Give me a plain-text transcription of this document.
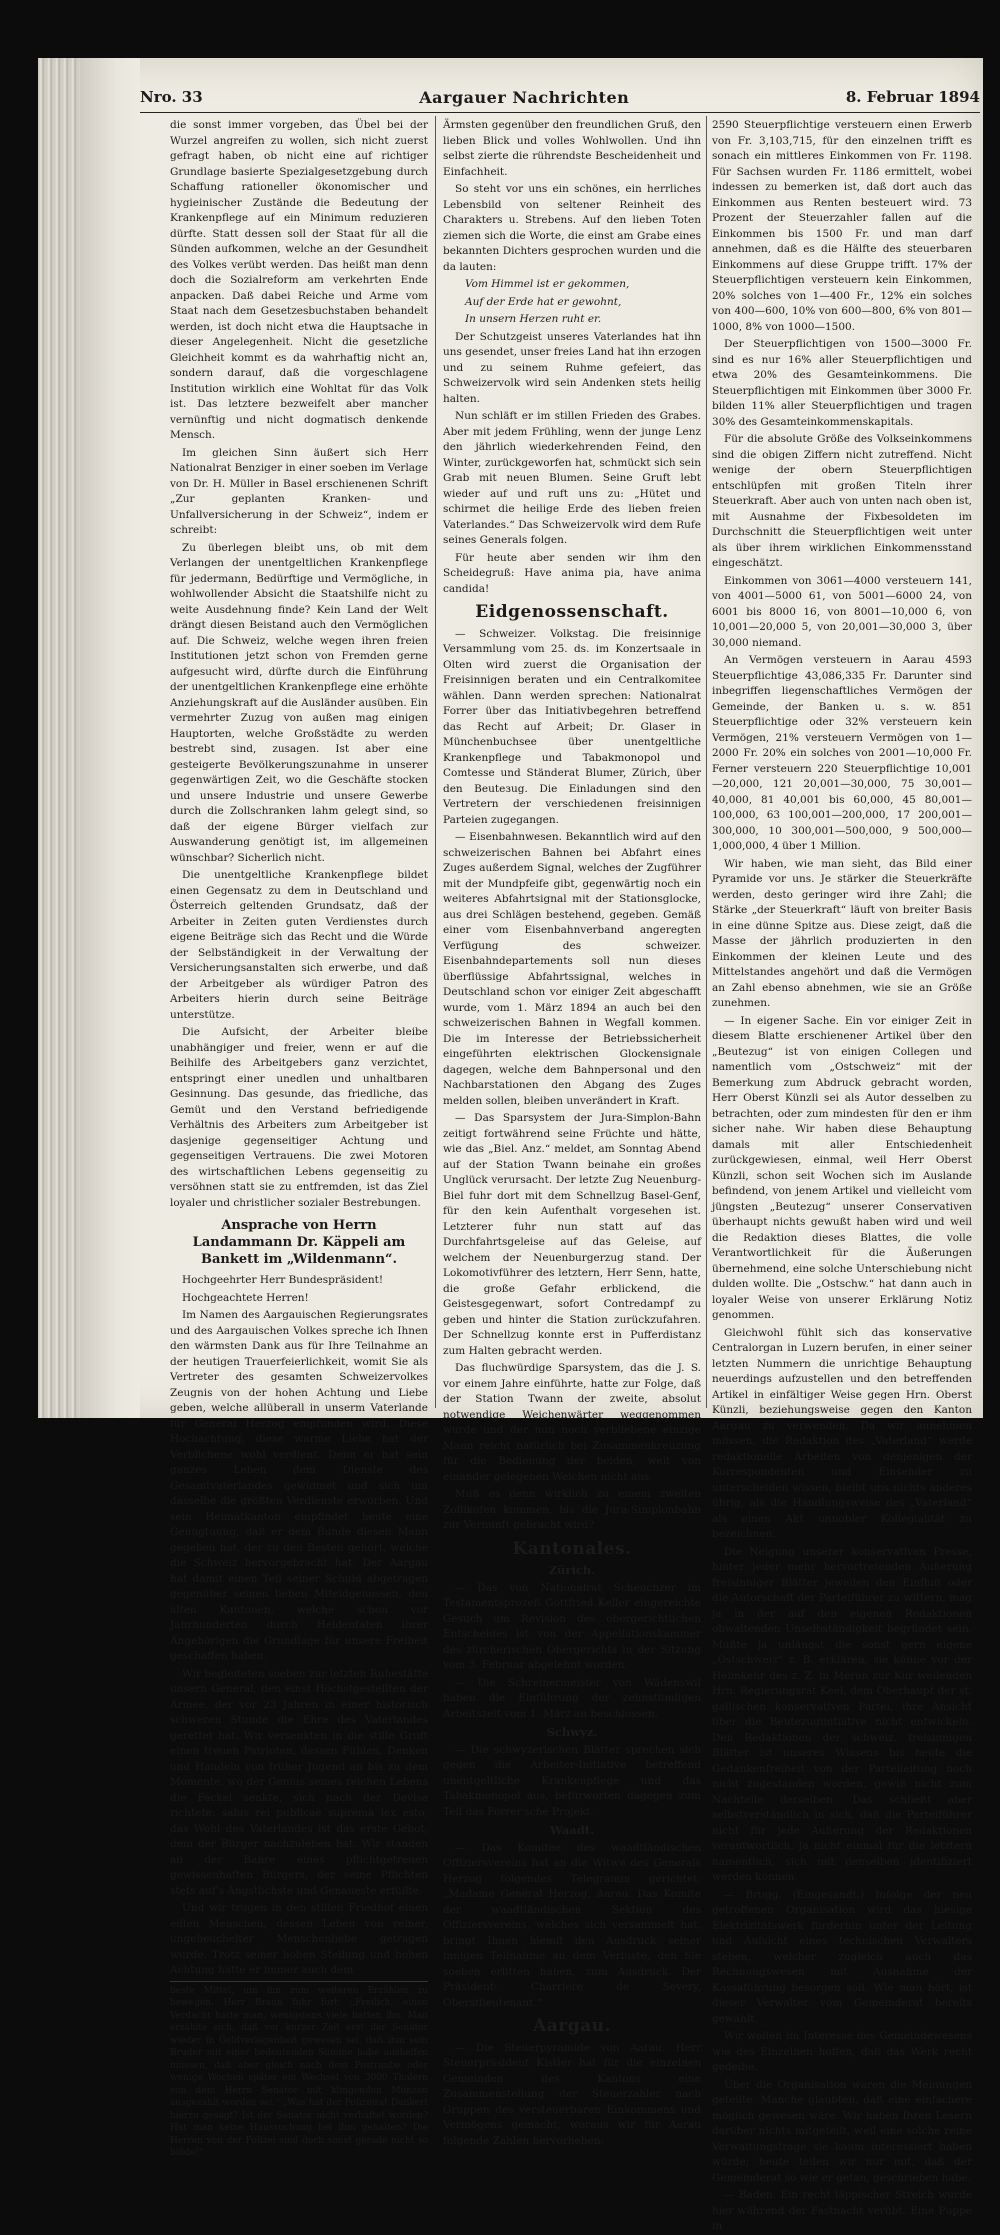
Nro. 33	Aargauer Nachrichten	8. Februar 1894

die sonst immer vorgeben, das Übel bei der Wurzel angreifen zu wollen, sich nicht zuerst gefragt haben, ob nicht eine auf richtiger Grundlage basierte Spezialgesetzgebung durch Schaffung rationeller ökonomischer und hygieinischer Zustände die Bedeutung der Krankenpflege auf ein Minimum reduzieren dürfte. Statt dessen soll der Staat für all die Sünden aufkommen, welche an der Gesundheit des Volkes verübt werden. Das heißt man denn doch die Sozialreform am verkehrten Ende anpacken. Daß dabei Reiche und Arme vom Staat nach dem Gesetzesbuchstaben behandelt werden, ist doch nicht etwa die Hauptsache in dieser Angelegenheit. Nicht die gesetzliche Gleichheit kommt es da wahrhaftig nicht an, sondern darauf, daß die vorgeschlagene Institution wirklich eine Wohltat für das Volk ist. Das letztere bezweifelt aber mancher vernünftig und nicht dogmatisch denkende Mensch.

Im gleichen Sinn äußert sich Herr Nationalrat Benziger in einer soeben im Verlage von Dr. H. Müller in Basel erschienenen Schrift „Zur geplanten Kranken- und Unfallversicherung in der Schweiz“, indem er schreibt:

Zu überlegen bleibt uns, ob mit dem Verlangen der unentgeltlichen Krankenpflege für jedermann, Bedürftige und Vermögliche, in wohlwollender Absicht die Staatshilfe nicht zu weite Ausdehnung finde? Kein Land der Welt drängt diesen Beistand auch den Vermöglichen auf. Die Schweiz, welche wegen ihren freien Institutionen jetzt schon von Fremden gerne aufgesucht wird, dürfte durch die Einführung der unentgeltlichen Krankenpflege eine erhöhte Anziehungskraft auf die Ausländer ausüben. Ein vermehrter Zuzug von außen mag einigen Hauptorten, welche Großstädte zu werden bestrebt sind, zusagen. Ist aber eine gesteigerte Bevölkerungszunahme in unserer gegenwärtigen Zeit, wo die Geschäfte stocken und unsere Industrie und unsere Gewerbe durch die Zollschranken lahm gelegt sind, so daß der eigene Bürger vielfach zur Auswanderung genötigt ist, im allgemeinen wünschbar? Sicherlich nicht.

Die unentgeltliche Krankenpflege bildet einen Gegensatz zu dem in Deutschland und Österreich geltenden Grundsatz, daß der Arbeiter in Zeiten guten Verdienstes durch eigene Beiträge sich das Recht und die Würde der Selbständigkeit in der Verwaltung der Versicherungsanstalten sich erwerbe, und daß der Arbeitgeber als würdiger Patron des Arbeiters hierin durch seine Beiträge unterstütze.

Die Aufsicht, der Arbeiter bleibe unabhängiger und freier, wenn er auf die Beihilfe des Arbeitgebers ganz verzichtet, entspringt einer unedlen und unhaltbaren Gesinnung. Das gesunde, das friedliche, das Gemüt und den Verstand befriedigende Verhältnis des Arbeiters zum Arbeitgeber ist dasjenige gegenseitiger Achtung und gegenseitigen Vertrauens. Die zwei Motoren des wirtschaftlichen Lebens gegenseitig zu versöhnen statt sie zu entfremden, ist das Ziel loyaler und christlicher sozialer Bestrebungen.

Ansprache von Herrn Landammann Dr. Käppeli am Bankett im „Wildenmann“.

Hochgeehrter Herr Bundespräsident!

Hochgeachtete Herren!

Im Namen des Aargauischen Regierungsrates und des Aargauischen Volkes spreche ich Ihnen den wärmsten Dank aus für Ihre Teilnahme an der heutigen Trauerfeierlichkeit, womit Sie als Vertreter des gesamten Schweizervolkes Zeugnis von der hohen Achtung und Liebe geben, welche allüberall in unserm Vaterlande für General Herzog empfunden wird. Diese Hochachtung, diese warme Liebe hat der Verblichene wohl verdient. Denn er hat sein ganzes Leben dem Dienste des Gesamtvaterlandes gewidmet und sich um dasselbe die größten Verdienste erworben. Und sein Heimatkanton empfindet heute eine Genugtuung, daß er dem Bunde diesen Mann gegeben hat, der zu den Besten gehört, welche die Schweiz hervorgebracht hat. Der Aargau hat damit einen Teil seiner Schuld abgetragen gegenüber seinen lieben Miteidgenossen, den alten Kantonen, welche schon vor Jahrhunderten durch Heldentaten ihrer Angehörigen die Grundlage für unsere Freiheit geschaffen haben.

Wir begleiteten soeben zur letzten Ruhestätte unsern General, den einst Höchstgestellten der Armee, der vor 23 Jahren in einer historisch schweren Stunde die Ehre des Vaterlandes gerettet hat. Wir versenkten in die stille Gruft einen treuen Patrioten, dessen Fühlen, Denken und Handeln von früher Jugend an bis zu dem Momente, wo der Genius seines reichen Lebens die Fackel senkte, sich nach der Devise richtete: salus rei publicae suprema lex esto, das Wohl des Vaterlandes ist das erste Gebot, dem der Bürger nachzuleben hat. Wir standen an der Bahre eines pflichtgetreuen gewissenhaften Bürgers, der seine Pflichten stets auf's Ängstlichste und Genaueste erfüllte.

Und wir trugen in den stillen Friedhof einen edlen Menschen, dessen Leben von reiner, ungeheuchelter Menschenliebe getragen wurde. Trotz seiner hohen Stellung und hohen Achtung hatte er immer auch dem

beste Mittel, um ihn zum weiteren Erzählen zu bewegen. Herr Braun fuhr fort: „Freilich, einen Verdacht hatte man, wenigstens viele hatten ihn. Man erzählte sich, daß vor kurzer Zeit erst der Senator wieder in Geldverlegenheit gewesen sei, daß ihm sein Bruder mit einer bedeutenden Summe habe aushelfen müssen, daß aber gleich nach dem Postraube oder wenige Wochen später ein Wechsel von 3000 Thalern von dem Herrn Senator mit klingenden Münzen ausgezahlt worden sei.“ „Was hat der Polizeirat Dankert hierzu gesagt? Ist der Senator nicht verhaftet worden? Hat man keine Haussuchung bei ihm gehalten? Die Herren von der Polizei sind doch sonst gerade nicht so blöde!“

Ärmsten gegenüber den freundlichen Gruß, den lieben Blick und volles Wohlwollen. Und ihn selbst zierte die rührendste Bescheidenheit und Einfachheit.

So steht vor uns ein schönes, ein herrliches Lebensbild von seltener Reinheit des Charakters u. Strebens. Auf den lieben Toten ziemen sich die Worte, die einst am Grabe eines bekannten Dichters gesprochen wurden und die da lauten:

Vom Himmel ist er gekommen,

Auf der Erde hat er gewohnt,

In unsern Herzen ruht er.

Der Schutzgeist unseres Vaterlandes hat ihn uns gesendet, unser freies Land hat ihn erzogen und zu seinem Ruhme gefeiert, das Schweizervolk wird sein Andenken stets heilig halten.

Nun schläft er im stillen Frieden des Grabes. Aber mit jedem Frühling, wenn der junge Lenz den jährlich wiederkehrenden Feind, den Winter, zurückgeworfen hat, schmückt sich sein Grab mit neuen Blumen. Seine Gruft lebt wieder auf und ruft uns zu: „Hütet und schirmet die heilige Erde des lieben freien Vaterlandes.“ Das Schweizervolk wird dem Rufe seines Generals folgen.

Für heute aber senden wir ihm den Scheidegruß: Have anima pia, have anima candida!

Eidgenossenschaft.

— Schweizer. Volkstag. Die freisinnige Versammlung vom 25. ds. im Konzertsaale in Olten wird zuerst die Organisation der Freisinnigen beraten und ein Centralkomitee wählen. Dann werden sprechen: Nationalrat Forrer über das Initiativbegehren betreffend das Recht auf Arbeit; Dr. Glaser in Münchenbuchsee über unentgeltliche Krankenpflege und Tabakmonopol und Comtesse und Ständerat Blumer, Zürich, über den Beuteзug. Die Einladungen sind den Vertretern der verschiedenen freisinnigen Parteien zugegangen.

— Eisenbahnwesen. Bekanntlich wird auf den schweizerischen Bahnen bei Abfahrt eines Zuges außerdem Signal, welches der Zugführer mit der Mundpfeife gibt, gegenwärtig noch ein weiteres Abfahrtsignal mit der Stationsglocke, aus drei Schlägen bestehend, gegeben. Gemäß einer vom Eisenbahnverband angeregten Verfügung des schweizer. Eisenbahndepartements soll nun dieses überflüssige Abfahrtssignal, welches in Deutschland schon vor einiger Zeit abgeschafft wurde, vom 1. März 1894 an auch bei den schweizerischen Bahnen in Wegfall kommen. Die im Interesse der Betriebssicherheit eingeführten elektrischen Glockensignale dagegen, welche dem Bahnpersonal und den Nachbarstationen den Abgang des Zuges melden sollen, bleiben unverändert in Kraft.

— Das Sparsystem der Jura-Simplon-Bahn zeitigt fortwährend seine Früchte und hätte, wie das „Biel. Anz.“ meldet, am Sonntag Abend auf der Station Twann beinahe ein großes Unglück verursacht. Der letzte Zug Neuenburg-Biel fuhr dort mit dem Schnellzug Basel-Genf, für den kein Aufenthalt vorgesehen ist. Letzterer fuhr nun statt auf das Durchfahrtsgeleise auf das Geleise, auf welchem der Neuenburgerzug stand. Der Lokomotivführer des letztern, Herr Senn, hatte, die große Gefahr erblickend, die Geistesgegenwart, sofort Contredampf zu geben und hinter die Station zurückzufahren. Der Schnellzug konnte erst in Pufferdistanz zum Halten gebracht werden.

Das fluchwürdige Sparsystem, das die J. S. vor einem Jahre einführte, hatte zur Folge, daß der Station Twann der zweite, absolut notwendige Weichenwärter weggenommen wurde und der nun noch verbliebene einzige Mann reicht natürlich bei Zusammenkreuzung für die Bedienung der beiden, weit von einander gelegenen Weichen nicht aus.

Muß es denn wirklich zu einem zweiten Zollikofen kommen, bis die Jura-Simplonbahn zur Vernunft gebracht wird?

Kantonales.
Zürich.

— Das von Nationalrat Scheuchzer im Testamentsprozeß Gottfried Keller eingereichte Gesuch um Revision des obergerichtlichen Entscheides ist von der Appellationskammer des zürcherischen Obergerichts in der Sitzung vom 3. Februar abgelehnt worden.

— Die Schreinermeister von Wädenswil haben die Einführung der zehnstündigen Arbeitszeit vom 1. März an beschlossen.

Schwyz.

— Die schwyzerischen Blätter sprechen sich gegen die Arbeiter-Initiative betreffend unentgeltliche Krankenpflege und das Tabakmonopol aus, befürworten dagegen zum Teil das Forrer'sche Projekt.

Waadt.

— Das Komitee des waadtländischen Offiziersvereins hat an die Witwe des Generals Herzog folgendes Telegramm gerichtet: „Madame General Herzog, Aarau. Das Komite der waadtländischen Sektion des Offiziersvereins, welches sich versammelt hat, bringt Ihnen hiemit den Ausdruck seiner innigen Teilnahme an dem Verluste, den Sie soeben erlitten haben, zum Ausdruck. Der Präsident: Charriere de Severy, Oberstlieutenant.“

Aargau.

— Die Steuerpyramide von Aarau. Herr Steuerpräsident Kistler hat für die einzelnen Gemeinden des Kantons eine Zusammenstellung der Steuerzahler nach Gruppen des versteuerbaren Einkommens und Vermögens gemacht, woraus wir für Aarau folgende Zahlen hervorheben:

2590 Steuerpflichtige versteuern einen Erwerb von Fr. 3,103,715, für den einzelnen trifft es sonach ein mittleres Einkommen von Fr. 1198. Für Sachsen wurden Fr. 1186 ermittelt, wobei indessen zu bemerken ist, daß dort auch das Einkommen aus Renten besteuert wird. 73 Prozent der Steuerzahler fallen auf die Einkommen bis 1500 Fr. und man darf annehmen, daß es die Hälfte des steuerbaren Einkommens auf diese Gruppe trifft. 17% der Steuerpflichtigen versteuern kein Einkommen, 20% solches von 1—400 Fr., 12% ein solches von 400—600, 10% von 600—800, 6% von 801—1000, 8% von 1000—1500.

Der Steuerpflichtigen von 1500—3000 Fr. sind es nur 16% aller Steuerpflichtigen und etwa 20% des Gesamteinkommens. Die Steuerpflichtigen mit Einkommen über 3000 Fr. bilden 11% aller Steuerpflichtigen und tragen 30% des Gesamteinkommenskapitals.

Für die absolute Größe des Volkseinkommens sind die obigen Ziffern nicht zutreffend. Nicht wenige der obern Steuerpflichtigen entschlüpfen mit großen Titeln ihrer Steuerkraft. Aber auch von unten nach oben ist, mit Ausnahme der Fixbesoldeten im Durchschnitt die Steuerpflichtigen weit unter als über ihrem wirklichen Einkommensstand eingeschätzt.

Einkommen von 3061—4000 versteuern 141, von 4001—5000 61, von 5001—6000 24, von 6001 bis 8000 16, von 8001—10,000 6, von 10,001—20,000 5, von 20,001—30,000 3, über 30,000 niemand.

An Vermögen versteuern in Aarau 4593 Steuerpflichtige 43,086,335 Fr. Darunter sind inbegriffen liegenschaftliches Vermögen der Gemeinde, der Banken u. s. w. 851 Steuerpflichtige oder 32% versteuern kein Vermögen, 21% versteuern Vermögen von 1—2000 Fr. 20% ein solches von 2001—10,000 Fr. Ferner versteuern 220 Steuerpflichtige 10,001—20,000, 121 20,001—30,000, 75 30,001—40,000, 81 40,001 bis 60,000, 45 80,001—100,000, 63 100,001—200,000, 17 200,001—300,000, 10 300,001—500,000, 9 500,000—1,000,000, 4 über 1 Million.

Wir haben, wie man sieht, das Bild einer Pyramide vor uns. Je stärker die Steuerkräfte werden, desto geringer wird ihre Zahl; die Stärke „der Steuerkraft“ läuft von breiter Basis in eine dünne Spitze aus. Diese zeigt, daß die Masse der jährlich produzierten in den Einkommen der kleinen Leute und des Mittelstandes angehört und daß die Vermögen an Zahl ebenso abnehmen, wie sie an Größe zunehmen.

— In eigener Sache. Ein vor einiger Zeit in diesem Blatte erschienener Artikel über den „Beutezug“ ist von einigen Collegen und namentlich vom „Ostschweiz“ mit der Bemerkung zum Abdruck gebracht worden, Herr Oberst Künzli sei als Autor desselben zu betrachten, oder zum mindesten für den er ihm sicher nahe. Wir haben diese Behauptung damals mit aller Entschiedenheit zurückgewiesen, einmal, weil Herr Oberst Künzli, schon seit Wochen sich im Auslande befindend, von jenem Artikel und vielleicht vom jüngsten „Beutezug“ unserer Conservativen überhaupt nichts gewußt haben wird und weil die Redaktion dieses Blattes, die volle Verantwortlichkeit für die Äußerungen übernehmend, eine solche Unterschiebung nicht dulden wollte. Die „Ostschw.“ hat dann auch in loyaler Weise von unserer Erklärung Notiz genommen.

Gleichwohl fühlt sich das konservative Centralorgan in Luzern berufen, in einer seiner letzten Nummern die unrichtige Behauptung neuerdings aufzustellen und den betreffenden Artikel in einfältiger Weise gegen Hrn. Oberst Künzli, beziehungsweise gegen den Kanton Aargau zu verwenden. Da wir annehmen müssen, die Redaktion des „Vaterland“ werde redaktionelle Arbeiten von denjenigen der Korrespondenten und Einsender zu unterscheiden wissen, bleibt uns nichts anderes übrig, als die Handlungsweise des „Vaterland“ als einen Akt unnobler Kollegialität zu bezeichnen.

Die Neigung unserer konservativen Presse, hinter jeder mehr hervortretenden Äußerung freisinniger Blätter jeweilen den Einfluß oder die Autorschaft der Parteiführer zu wittern, mag ja in der auf den eigenen Redaktionen obwaltenden Unselbständigkeit begründet sein. Mußte ja unlängst die sonst gern eigene „Ostschweiz“ z. B. erklären, sie könne vor der Heimkehr des z. Z. in Meran zur Kur weilenden Hrn. Regierungsrat Keel, dem Oberhaupt der st. gallischen konservativen Partei, ihre Ansicht über die Beutezuginitiative nicht entwickeln. Den Redaktionen der schweiz. freisinnigen Blätter ist unseres Wissens bis heute die Gedankenfreiheit von der Parteileitung noch nicht zugestanden worden, gewiß nicht zum Nachteile derselben. Das schließt aber selbstverständlich in sich, daß die Parteiführer nicht für jede Äußerung der Redaktionen verantwortlich, ja nicht einmal für die letztern namentlich, sich mit denselben identifiziert werden können.

— Brugg. (Eingesandt.) Infolge der neu getroffenen Organisation wird das hiesige Elektrizitätswerk fürderhin unter der Leitung und Aufsicht eines technischen Verwalters stehen, welcher zugleich auch das Rechnungswesen mit Ausnahme der Kassaführung besorgen soll. Wie man hört, ist dieser Verwalter vom Gemeinderat bereits gewählt.

Wir wollen im Interesse des Gemeindewesens wie des Einzelnen hoffen, daß das Werk recht gedeihe.

Über die Organisation waren die Meinungen geteilte. Manche glaubten, daß eine einfachere möglich gewesen wäre. Wir haben Ihren Lesern darüber nichts mitgeteilt, weil eine solche reine Verwaltungsfrage sie kaum interessiert haben würde; heute teilen wir nur mit, daß der Gemeinderat so wie er getan, geschrieben habe.

— Baden. Ein recht läppischer Streich wurde hier während der Fastnacht verübt. Eine Puppe in
